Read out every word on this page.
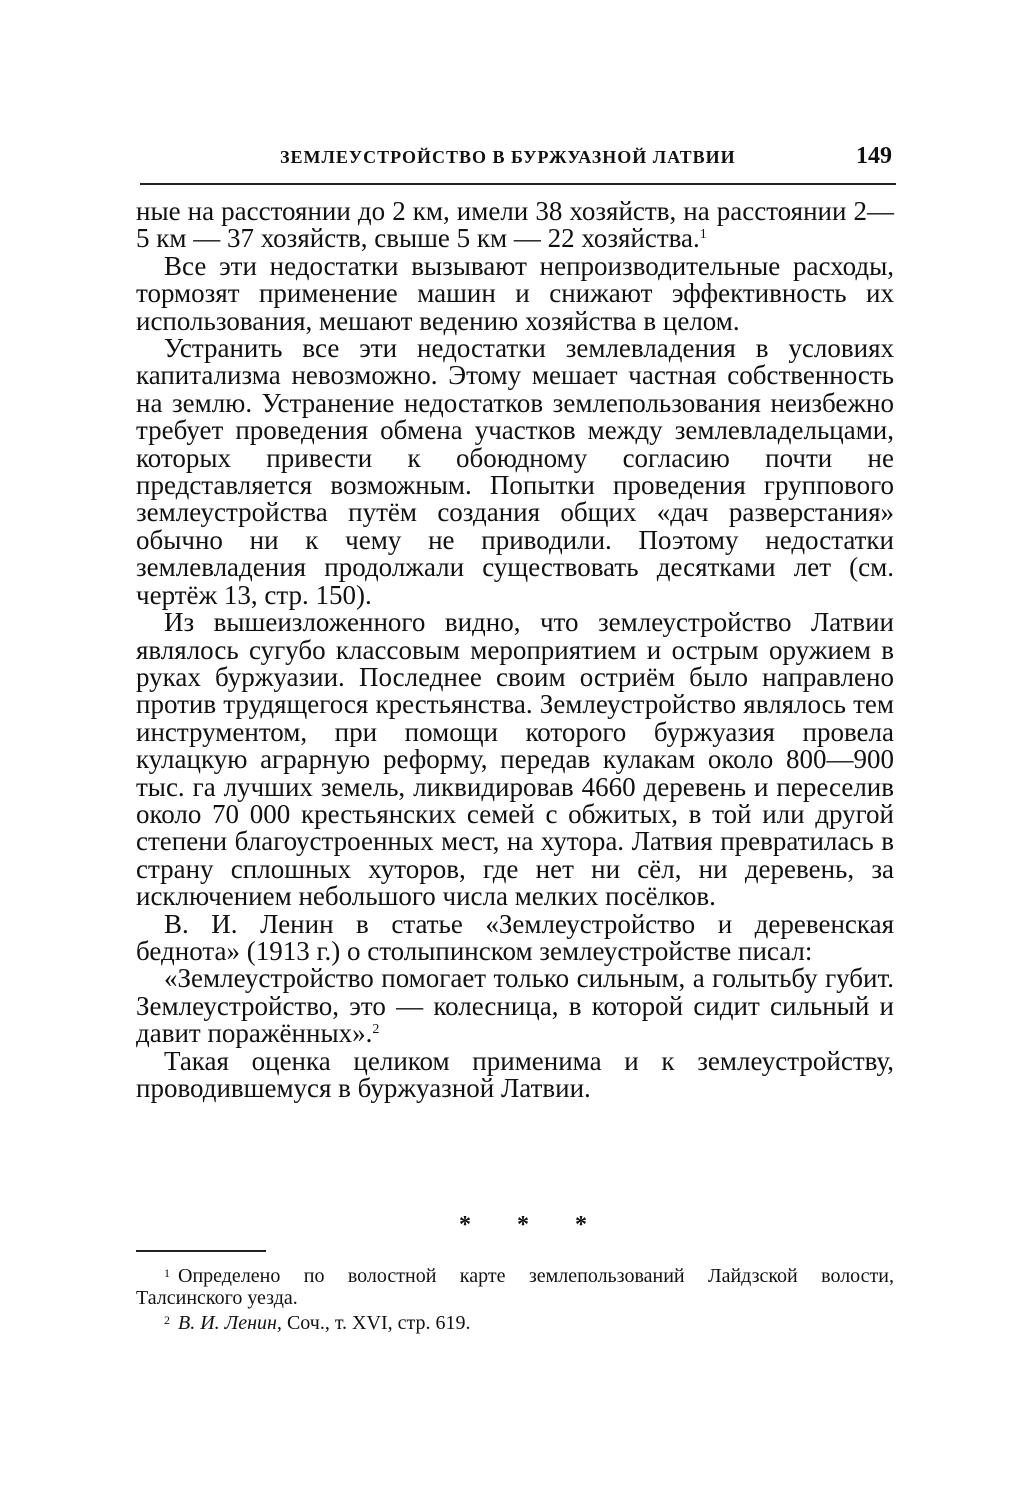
ЗЕМЛЕУСТРОЙСТВО В БУРЖУАЗНОЙ ЛАТВИИ	149

ные на расстоянии до 2 км, имели 38 хозяйств, на расстоянии 2—5 км — 37 хозяйств, свыше 5 км — 22 хозяйства.$^1$

Все эти недостатки вызывают непроизводительные расходы, тормозят применение машин и снижают эффективность их использования, мешают ведению хозяйства в целом.

Устранить все эти недостатки землевладения в условиях капитализма невозможно. Этому мешает частная собственность на землю. Устранение недостатков землепользования неизбежно требует проведения обмена участков между землевладельцами, которых привести к обоюдному согласию почти не представляется возможным. Попытки проведения группового землеустройства путём создания общих «дач разверстания» обычно ни к чему не приводили. Поэтому недостатки землевладения продолжали существовать десятками лет (см. чертёж 13, стр. 150).

Из вышеизложенного видно, что землеустройство Латвии являлось сугубо классовым мероприятием и острым оружием в руках буржуазии. Последнее своим остриём было направлено против трудящегося крестьянства. Землеустройство являлось тем инструментом, при помощи которого буржуазия провела кулацкую аграрную реформу, передав кулакам около 800—900 тыс. га лучших земель, ликвидировав 4660 деревень и переселив около 70 000 крестьянских семей с обжитых, в той или другой степени благоустроенных мест, на хутора. Латвия превратилась в страну сплошных хуторов, где нет ни сёл, ни деревень, за исключением небольшого числа мелких посёлков.

В. И. Ленин в статье «Землеустройство и деревенская беднота» (1913 г.) о столыпинском землеустройстве писал:

«Землеустройство помогает только сильным, а голытьбу губит. Землеустройство, это — колесница, в которой сидит сильный и давит поражённых».$^2$

Такая оценка целиком применима и к землеустройству, проводившемуся в буржуазной Латвии.

* * *

$^1$ Определено по волостной карте землепользований Лайдзской волости, Талсинского уезда.

$^2$ В. И. Ленин, Соч., т. XVI, стр. 619.
